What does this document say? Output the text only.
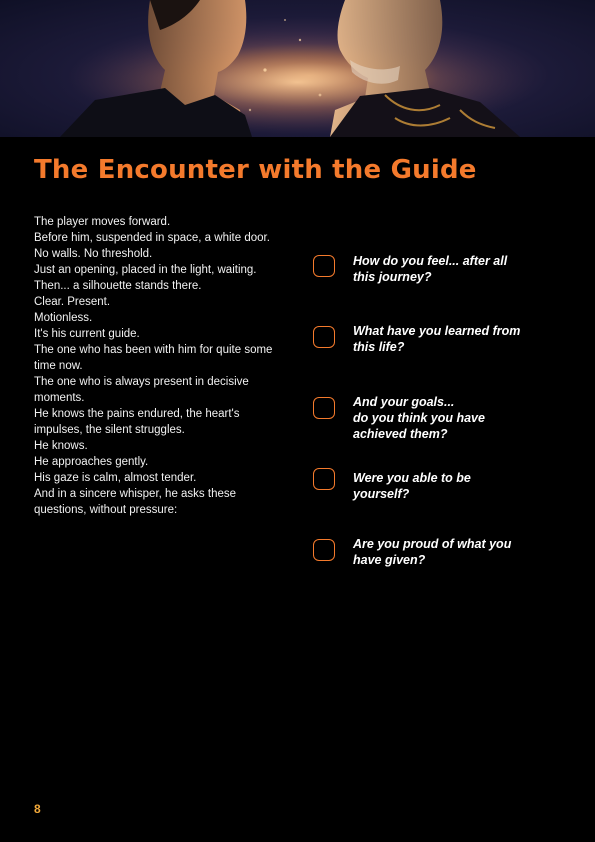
The Encounter with the Guide
The player moves forward.
Before him, suspended in space, a white door.
No walls. No threshold.
Just an opening, placed in the light, waiting.
Then... a silhouette stands there.
Clear. Present.
Motionless.
It's his current guide.
The one who has been with him for quite some time now.
The one who is always present in decisive moments.
He knows the pains endured, the heart's impulses, the silent struggles.
He knows.
He approaches gently.
His gaze is calm, almost tender.
And in a sincere whisper, he asks these questions, without pressure:
How do you feel... after all
this journey?
What have you learned from
this life?
And your goals...
do you think you have
achieved them?
Were you able to be
yourself?
Are you proud of what you
have given?
8
